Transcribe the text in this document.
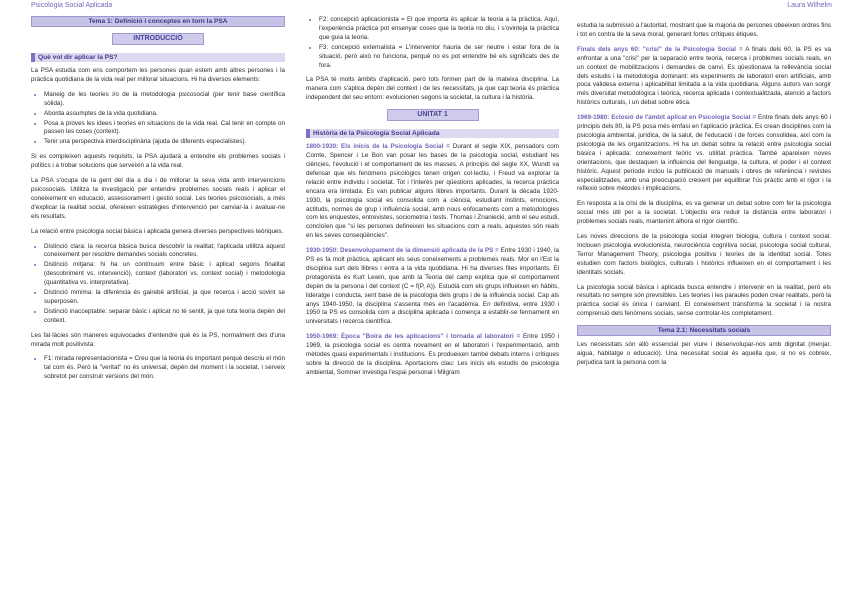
Psicologia Social Aplicada	Laura Wilhelm
Tema 1: Definició i conceptes en torn la PSA
INTRODUCCIÓ
Què vol dir aplicar la PS?

La PSA estudia com ens comportem les persones quan estem amb altres persones i la pràctica quotidiana de la vida real per millorar situacions. Hi ha diversos elements:

• Maneig de les teories i/o de la metodologia psicosocial (per tenir base científica sòlida).
• Aborda assumptes de la vida quotidiana.
• Posa a proves les idees i teories en situacions de la vida real. Cal tenir en compte on passen les coses (context).
• Tenir una perspectiva interdisciplinària (ajuda de diferents especialistes).

Si es compleixen aquests requisits, la PSA ajudarà a entendre els problemes socials i polítics i a trobar solucions que serveixin a la vida real.

La PSA s'ocupa de la gent del dia a dia i de millorar la seva vida amb intervencions psicosocials. Utilitza la investigació per entendre problemes socials reals i aplicar el coneixement en educació, assessorament i gestió social. Les teories psicosocials, a més d'explicar la realitat social, ofereixen estratègies d'intervenció per canviar-la i avaluar-ne els resultats.

La relació entre psicologia social bàsica i aplicada genera diverses perspectives teòriques.

• Distinció clara: la recerca bàsica busca descobrir la realitat; l'aplicada utilitza aquest coneixement per resoldre demandes socials concretes.
• Distinció mitjana: hi ha un contínuum entre bàsic i aplicat segons finalitat (descobriment vs. intervenció), context (laboratori vs. context social) i metodologia (quantitativa vs. interpretativa).
• Distinció mínima: la diferència és gairebé artificial, ja que recerca i acció sovint se superposen.
• Distinció inacceptable: separar bàsic i aplicat no té sentit, ja que tota teoria depèn del context.

Les fal·làcies són maneres equivocades d'entendre què és la PS, normalment des d'una mirada molt positivista:

• F1: mirada representacionista = Creu que la teoria és important perquè descriu el món tal com és. Però la "veritat" no és universal, depèn del moment i la societat, i serveix sobretot per construir versions del món.
• F2: concepció aplicacionista = El que importa és aplicar la teoria a la pràctica. Aquí, l'experiència pràctica pot ensenyar coses que la teoria no diu, i s'ovinteja la pràctica que guia la teoria.
• F3: concepció externalista = L'interventor hauria de ser neutre i estar fora de la situació, però això no funciona, perquè no es pot entendre bé els significats des de fora.

La PSA té molts àmbits d'aplicació, però tots formen part de la mateixa disciplina. La manera com s'aplica depèn del context i de les necessitats, ja que cap teoria és pràctica independent del seu entorn: evolucionen segons la societat, la cultura i la història.

UNITAT 1
Història de la Psicologia Social Aplicada

1800-1930: Els inicis de la Psicologia Social = Durant el segle XIX, pensadors com Comte, Spencer i Le Bon van posar les bases de la psicologia social, estudiant les ciències, l'evolució i el comportament de les masses. A principis del segle XX, Wundt va defensar que els fenòmens psicològics tenen origen col·lectiu, i Freud va explorar la relació entre individu i societat. Tot i l'interès per qüestions aplicades, la recerca pràctica encara era limitada. Es van publicar alguns llibres importants. Durant la dècada 1920-1930, la psicologia social es consolida com a ciència, estudiant instints, emocions, actituds, normes de grup i influència social, amb nous enfocaments com a metodologies com les enquestes, entrevistes, sociometria i tests. Thomas i Znaniecki, amb el seu estudi, concloïen que "si les persones defineixen les situacions com a reals, aquestes són reals en les seves conseqüències".

1930-1950: Desenvolupament de la dimensió aplicada de la PS = Entre 1930 i 1940, la PS es fa molt pràctica, aplicant els seus coneixements a problemes reals. Mor en l'Est la disciplina surt dels llibres i entra a la vida quotidiana. Hi ha diverses fites importants. El protagonista és Kurt Lewin, que amb la Teoria del camp explica que el comportament depèn de la persona i del context (C = f(P, A)). Estudià com els grups influeixen en hàbits, lideratge i conducta, sent base de la psicologia dels grups i de la influència social. Cap als anys 1940-1950, la disciplina s'assenta més en l'acadèmia. En definitiva, entre 1930 i 1950 la PS es consolida com a disciplina aplicada i comença a establir-se fermament en universitats i recerca científica.

1950-1969: Època "Boira de les aplicacions" i tornada al laboratori = Entre 1950 i 1969, la psicologia social es centra novament en el laboratori i l'experimentació, amb mètodes quasi experimentals i institucions. Es produeixen també debats interns i crítiques sobre la direcció de la disciplina. Aportacions clau: Les inicis els estudis de psicologia ambiental, Sommer investiga l'espai personal i Milgram

estudia la submissió a l'autoritat, mostrant que la majoria de persones obeeixen ordres fins i tot en contra de la seva moral, generant fortes crítiques ètiques.

Finals dels anys 60: "crisi" de la Psicologia Social = A finals dels 60, la PS es va enfrontar a una "crisi" per la separació entre teoria, recerca i problemes socials reals, en un context de mobilitzacions i demandes de canvi. Es qüestionava la rellevància social dels estudis i la metodologia dominant: els experiments de laboratori eren artificials, amb poca validesa externa i aplicabilitat limitada a la vida quotidiana. Alguns autors van sorgir més diversitat metodològica i teòrica, recerca aplicada i contextualitzada, atenció a factors històrics culturals, i un debat sobre ètica.

1969-1980: Eclosió de l'àmbit aplicat en Psicologia Social = Entre finals dels anys 60 i principis dels 80, la PS posa més èmfasi en l'aplicació pràctica. Es crean disciplines com la psicologia ambiental, jurídica, de la salut, de l'educació i de forces consolidea, així com la psicologia de les organitzacions. Hi ha un debat sobre la relació entre psicologia social bàsica i aplicada: coneixement teòric vs. utilitat pràctica. També apareixen noves orientacions, que destaquen la influència del llenguatge, la cultura, el poder i el context històric. Aquest període inclou la publicació de manuals i obres de referència i revistes especialitzades, amb una preocupació creixent per equilibrar l'ús pràctic amb el rigor i la reflexió sobre mètodes i implicacions.

En resposta a la crisi de la disciplina, es va generar un debat sobre com fer la psicologia social més útil per a la societat. L'objectiu era reduir la distància entre laboratori i problemes socials reals, mantenint alhora el rigor científic.

Les noves direccions de la psicologia social integren biologia, cultura i context social. Inclouen psicologia evolucionista, neurociència cognitiva social, psicologia social cultural, Terror Management Theory, psicologia positiva i teories de la identitat social. Totes estudien com factors biològics, culturals i històrics influeixen en el comportament i les identitats socials.

La psicologia social bàsica i aplicada busca entendre i intervenir en la realitat, però els resultats no sempre són previsibles. Les teories i les paraules poden crear realitats, però la pràctica social és única i canviant. El coneixement transforma la societat i la nostra comprensió dels fenòmens socials, sense controlar-los completament.

Tema 2.1: Necessitats socials

Les necessitats són allò essencial per viure i desenvolupar-nos amb dignitat (menjar, aigua, habitatge o educació). Una necessitat social és aquella que, si no es cobreix, perjudica tant la persona com la
